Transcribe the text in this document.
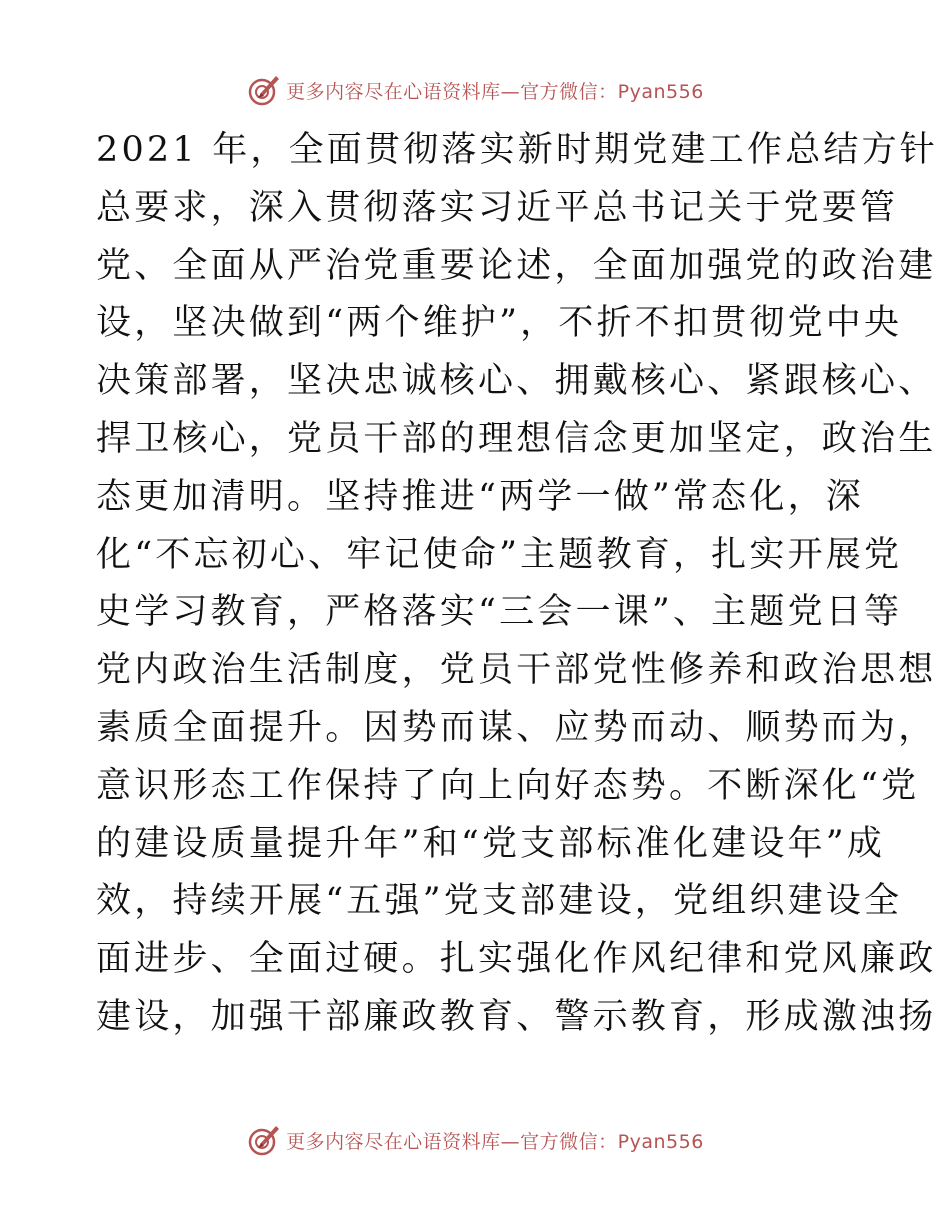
更多内容尽在心语资料库—官方微信：Pyan556
2021 年，全面贯彻落实新时期党建工作总结方针
总要求，深入贯彻落实习近平总书记关于党要管
党、全面从严治党重要论述，全面加强党的政治建
设，坚决做到“两个维护”，不折不扣贯彻党中央
决策部署，坚决忠诚核心、拥戴核心、紧跟核心、
捍卫核心，党员干部的理想信念更加坚定，政治生
态更加清明。坚持推进“两学一做”常态化，深
化“不忘初心、牢记使命”主题教育，扎实开展党
史学习教育，严格落实“三会一课”、主题党日等
党内政治生活制度，党员干部党性修养和政治思想
素质全面提升。因势而谋、应势而动、顺势而为，
意识形态工作保持了向上向好态势。不断深化“党
的建设质量提升年”和“党支部标准化建设年”成
效，持续开展“五强”党支部建设，党组织建设全
面进步、全面过硬。扎实强化作风纪律和党风廉政
建设，加强干部廉政教育、警示教育，形成激浊扬
更多内容尽在心语资料库—官方微信：Pyan556
